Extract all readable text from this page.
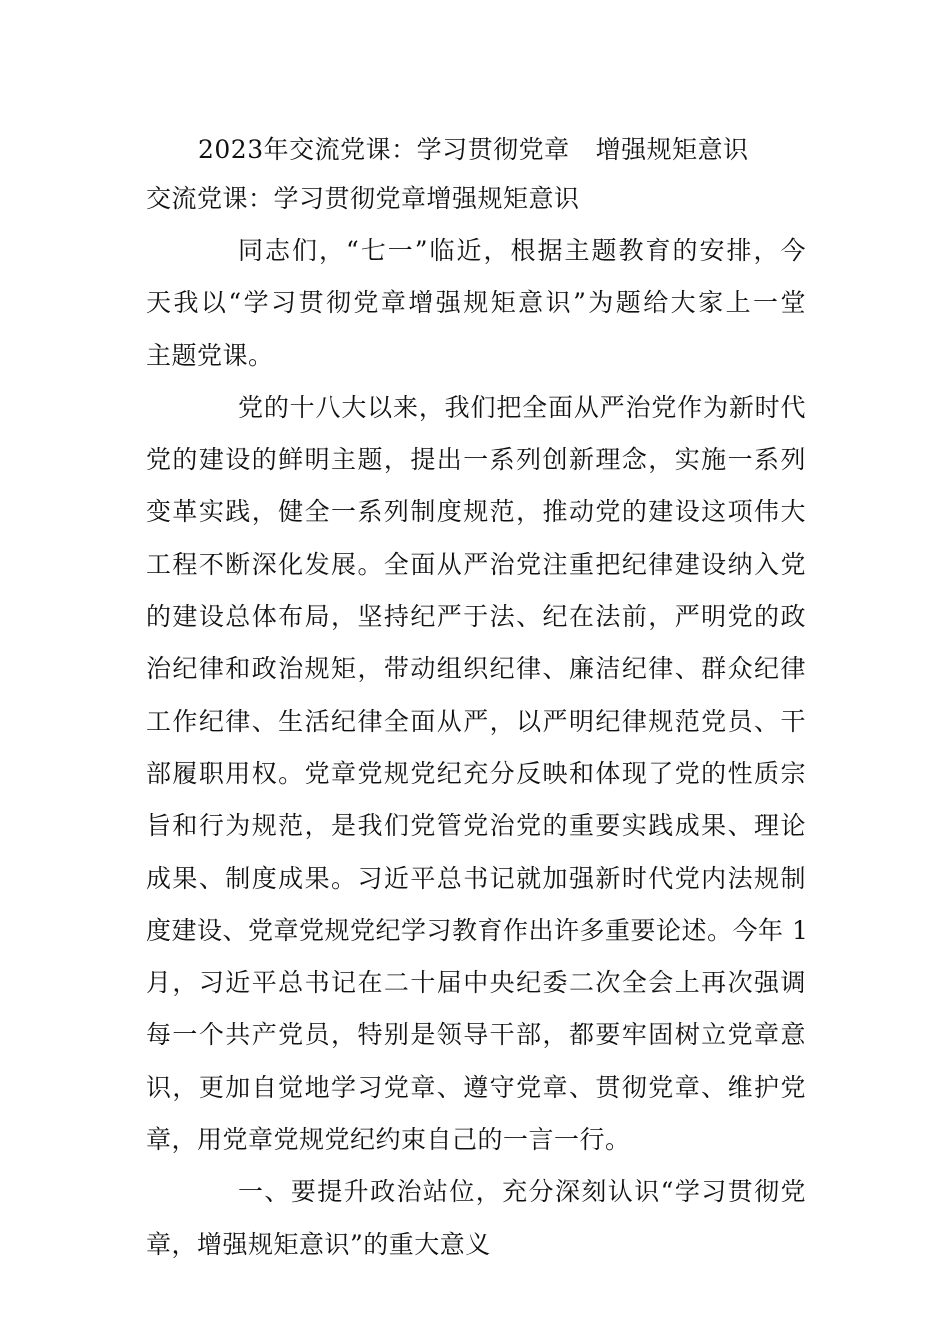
2023年交流党课：学习贯彻党章 增强规矩意识
交流党课：学习贯彻党章增强规矩意识
同志们，“七一”临近，根据主题教育的安排，今
天我以“学习贯彻党章增强规矩意识”为题给大家上一堂
主题党课。
党的十八大以来，我们把全面从严治党作为新时代
党的建设的鲜明主题，提出一系列创新理念，实施一系列
变革实践，健全一系列制度规范，推动党的建设这项伟大
工程不断深化发展。全面从严治党注重把纪律建设纳入党
的建设总体布局，坚持纪严于法、纪在法前，严明党的政
治纪律和政治规矩，带动组织纪律、廉洁纪律、群众纪律
工作纪律、生活纪律全面从严，以严明纪律规范党员、干
部履职用权。党章党规党纪充分反映和体现了党的性质宗
旨和行为规范，是我们党管党治党的重要实践成果、理论
成果、制度成果。习近平总书记就加强新时代党内法规制
度建设、党章党规党纪学习教育作出许多重要论述。今年 1
月，习近平总书记在二十届中央纪委二次全会上再次强调
每一个共产党员，特别是领导干部，都要牢固树立党章意
识，更加自觉地学习党章、遵守党章、贯彻党章、维护党
章，用党章党规党纪约束自己的一言一行。
一、要提升政治站位，充分深刻认识“学习贯彻党
章，增强规矩意识”的重大意义
